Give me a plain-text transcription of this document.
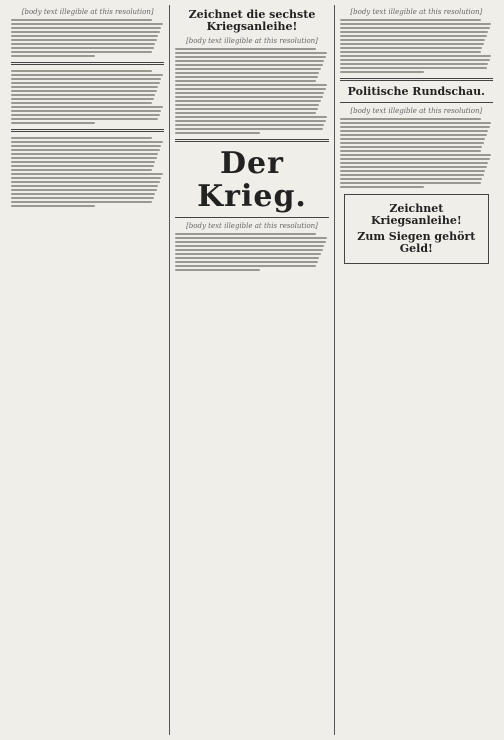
[body text illegible at this resolution]	Zeichnet die sechste Kriegsanleihe!
[body text illegible at this resolution]
Der Krieg.
[body text illegible at this resolution]
[body text illegible at this resolution]
Politische Rundschau.
[body text illegible at this resolution]
Zeichnet Kriegsanleihe!
Zum Siegen gehört Geld!
